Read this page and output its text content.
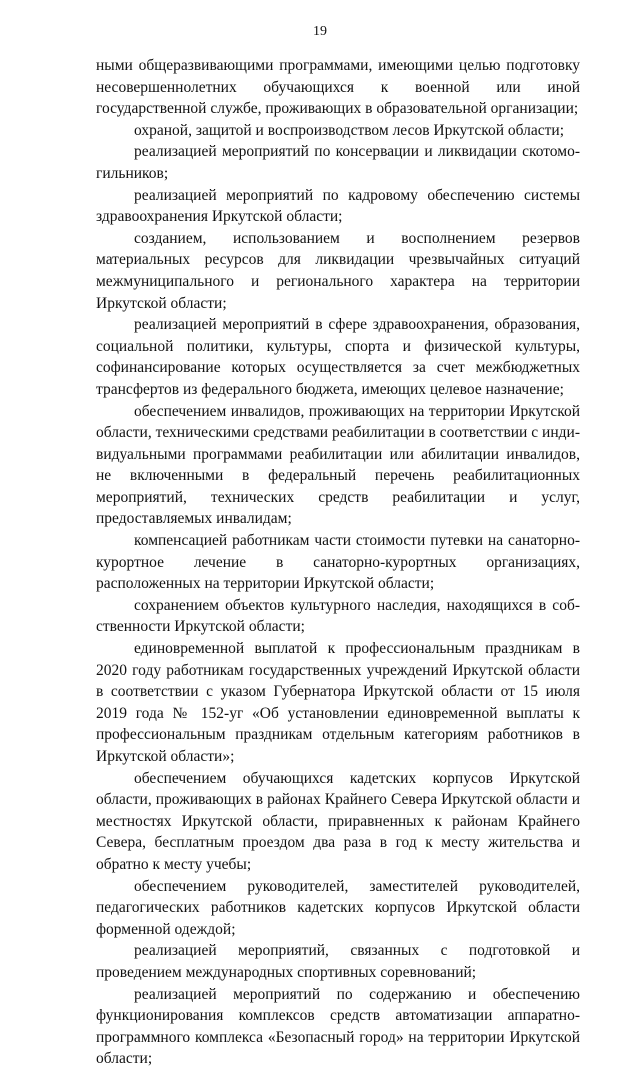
19

ными общеразвивающими программами, имеющими целью подготовку несовершеннолетних обучающихся к военной или иной государственной службе, проживающих в образовательной организации;

охраной, защитой и воспроизводством лесов Иркутской области;

реализацией мероприятий по консервации и ликвидации скотомогильников;

реализацией мероприятий по кадровому обеспечению системы здравоохранения Иркутской области;

созданием, использованием и восполнением резервов материальных ресурсов для ликвидации чрезвычайных ситуаций межмуниципального и регионального характера на территории Иркутской области;

реализацией мероприятий в сфере здравоохранения, образования, социальной политики, культуры, спорта и физической культуры, софинансирование которых осуществляется за счет межбюджетных трансфертов из федерального бюджета, имеющих целевое назначение;

обеспечением инвалидов, проживающих на территории Иркутской области, техническими средствами реабилитации в соответствии с индивидуальными программами реабилитации или абилитации инвалидов, не включенными в федеральный перечень реабилитационных мероприятий, технических средств реабилитации и услуг, предоставляемых инвалидам;

компенсацией работникам части стоимости путевки на санаторно-курортное лечение в санаторно-курортных организациях, расположенных на территории Иркутской области;

сохранением объектов культурного наследия, находящихся в собственности Иркутской области;

единовременной выплатой к профессиональным праздникам в 2020 году работникам государственных учреждений Иркутской области в соответствии с указом Губернатора Иркутской области от 15 июля 2019 года № 152-уг «Об установлении единовременной выплаты к профессиональным праздникам отдельным категориям работников в Иркутской области»;

обеспечением обучающихся кадетских корпусов Иркутской области, проживающих в районах Крайнего Севера Иркутской области и местностях Иркутской области, приравненных к районам Крайнего Севера, бесплатным проездом два раза в год к месту жительства и обратно к месту учебы;

обеспечением руководителей, заместителей руководителей, педагогических работников кадетских корпусов Иркутской области форменной одеждой;

реализацией мероприятий, связанных с подготовкой и проведением международных спортивных соревнований;

реализацией мероприятий по содержанию и обеспечению функционирования комплексов средств автоматизации аппаратно-программного комплекса «Безопасный город» на территории Иркутской области;
